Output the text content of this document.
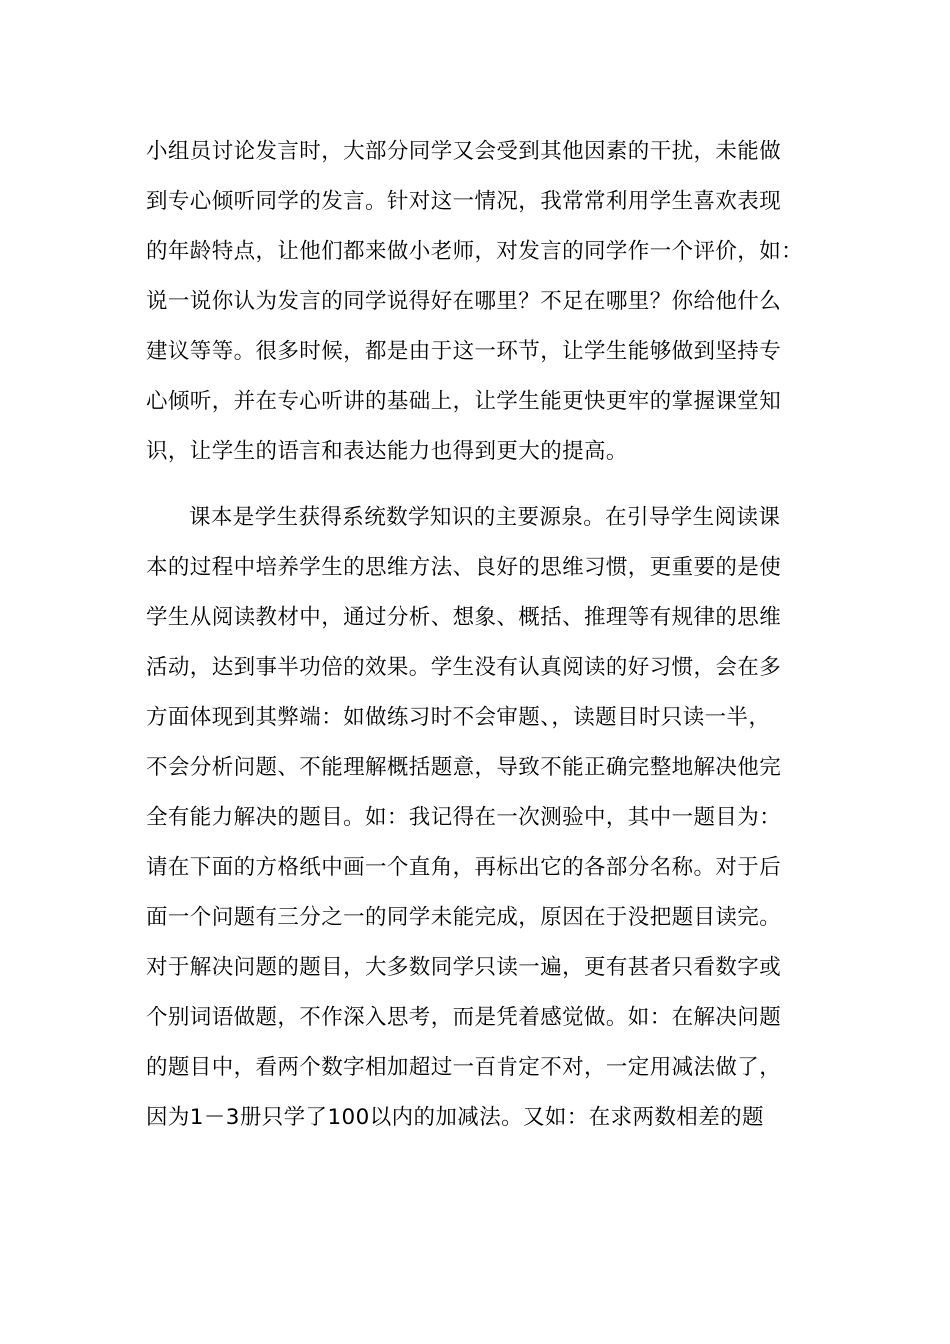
小组员讨论发言时，大部分同学又会受到其他因素的干扰，未能做
到专心倾听同学的发言。针对这一情况，我常常利用学生喜欢表现
的年龄特点，让他们都来做小老师，对发言的同学作一个评价，如：
说一说你认为发言的同学说得好在哪里？不足在哪里？你给他什么
建议等等。很多时候，都是由于这一环节，让学生能够做到坚持专
心倾听，并在专心听讲的基础上，让学生能更快更牢的掌握课堂知
识，让学生的语言和表达能力也得到更大的提高。
课本是学生获得系统数学知识的主要源泉。在引导学生阅读课
本的过程中培养学生的思维方法、良好的思维习惯，更重要的是使
学生从阅读教材中，通过分析、想象、概括、推理等有规律的思维
活动，达到事半功倍的效果。学生没有认真阅读的好习惯，会在多
方面体现到其弊端：如做练习时不会审题、，读题目时只读一半，
不会分析问题、不能理解概括题意，导致不能正确完整地解决他完
全有能力解决的题目。如：我记得在一次测验中，其中一题目为：
请在下面的方格纸中画一个直角，再标出它的各部分名称。对于后
面一个问题有三分之一的同学未能完成，原因在于没把题目读完。
对于解决问题的题目，大多数同学只读一遍，更有甚者只看数字或
个别词语做题，不作深入思考，而是凭着感觉做。如：在解决问题
的题目中，看两个数字相加超过一百肯定不对，一定用减法做了，
因为1－3册只学了100以内的加减法。又如：在求两数相差的题
